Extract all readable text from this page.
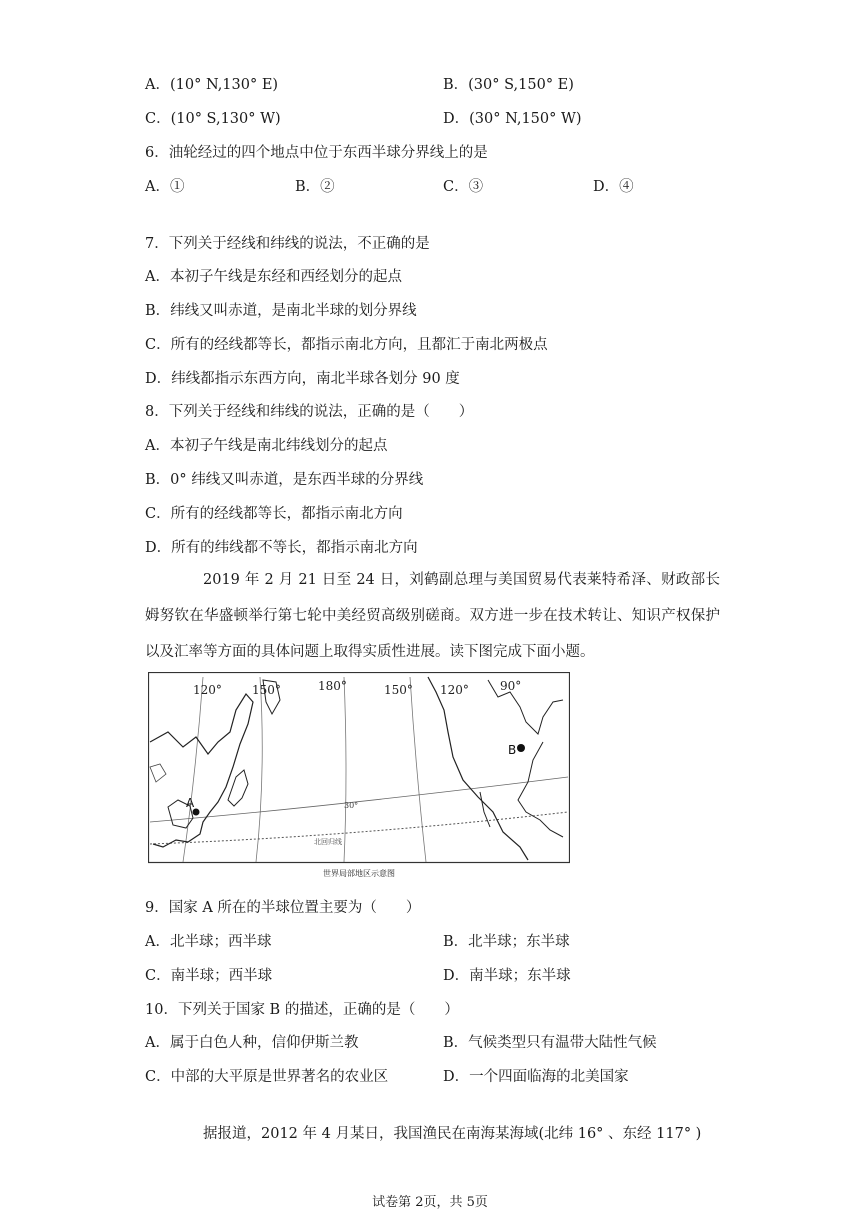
A．(10° N,130° E)	B．(30° S,150° E)
C．(10° S,130° W)	D．(30° N,150° W)
6．油轮经过的四个地点中位于东西半球分界线上的是
A．①	B．②	C．③	D．④
7．下列关于经线和纬线的说法，不正确的是
A．本初子午线是东经和西经划分的起点
B．纬线又叫赤道，是南北半球的划分界线
C．所有的经线都等长，都指示南北方向，且都汇于南北两极点
D．纬线都指示东西方向，南北半球各划分 90 度
8．下列关于经线和纬线的说法，正确的是（　　）
A．本初子午线是南北纬线划分的起点
B．0° 纬线又叫赤道，是东西半球的分界线
C．所有的经线都等长，都指示南北方向
D．所有的纬线都不等长，都指示南北方向
2019 年 2 月 21 日至 24 日，刘鹤副总理与美国贸易代表莱特希泽、财政部长姆努钦在华盛顿举行第七轮中美经贸高级别磋商。双方进一步在技术转让、知识产权保护以及汇率等方面的具体问题上取得实质性进展。读下图完成下面小题。
120°	150°	180°	150° 120°	90°
30°
北回归线
A
B
世界局部地区示意图
9．国家 A 所在的半球位置主要为（　　）
A．北半球；西半球	B．北半球；东半球
C．南半球；西半球	D．南半球；东半球
10．下列关于国家 B 的描述，正确的是（　　）
A．属于白色人种，信仰伊斯兰教	B．气候类型只有温带大陆性气候
C．中部的大平原是世界著名的农业区	D．一个四面临海的北美国家
据报道，2012 年 4 月某日，我国渔民在南海某海域(北纬 16° 、东经 117° )
试卷第 2页，共 5页
